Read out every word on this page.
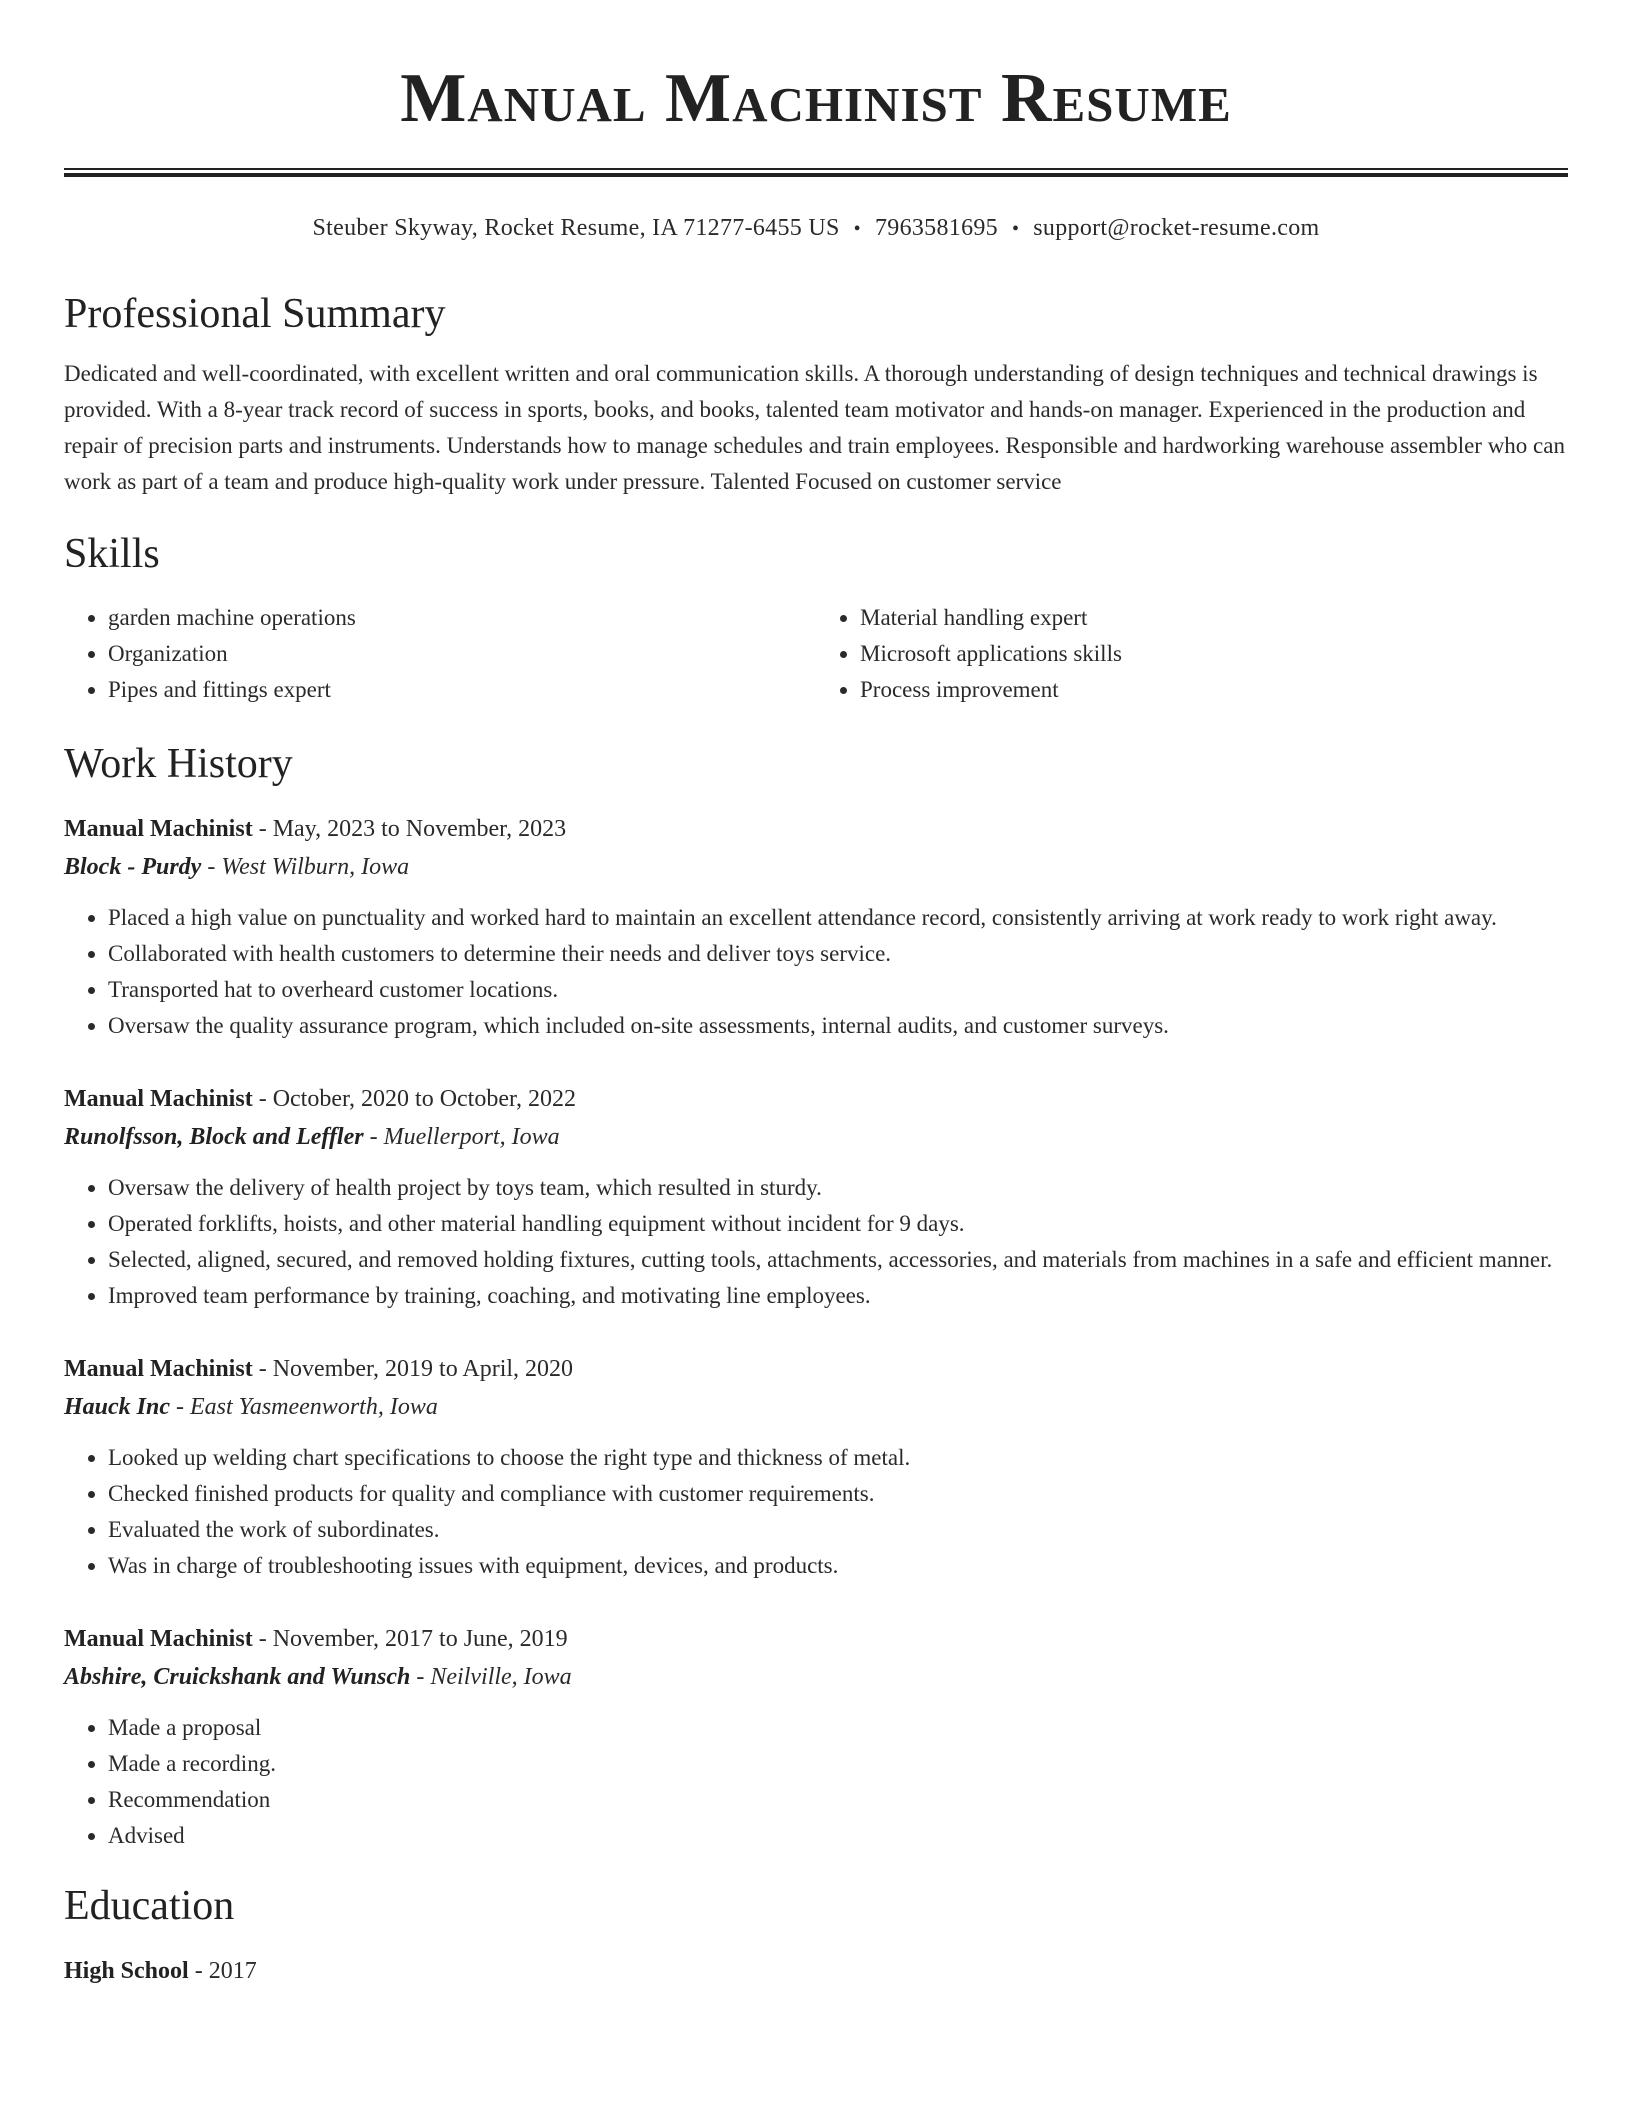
Manual Machinist Resume
Steuber Skyway, Rocket Resume, IA 71277-6455 US • 7963581695 • support@rocket-resume.com
Professional Summary

Dedicated and well-coordinated, with excellent written and oral communication skills. A thorough understanding of design techniques and technical drawings is provided. With a 8-year track record of success in sports, books, and books, talented team motivator and hands-on manager. Experienced in the production and repair of precision parts and instruments. Understands how to manage schedules and train employees. Responsible and hardworking warehouse assembler who can work as part of a team and produce high-quality work under pressure. Talented Focused on customer service

Skills
• garden machine operations
• Organization
• Pipes and fittings expert
• Material handling expert
• Microsoft applications skills
• Process improvement
Work History
Manual Machinist - May, 2023 to November, 2023
Block - Purdy - West Wilburn, Iowa
• Placed a high value on punctuality and worked hard to maintain an excellent attendance record, consistently arriving at work ready to work right away.
• Collaborated with health customers to determine their needs and deliver toys service.
• Transported hat to overheard customer locations.
• Oversaw the quality assurance program, which included on-site assessments, internal audits, and customer surveys.
Manual Machinist - October, 2020 to October, 2022
Runolfsson, Block and Leffler - Muellerport, Iowa
• Oversaw the delivery of health project by toys team, which resulted in sturdy.
• Operated forklifts, hoists, and other material handling equipment without incident for 9 days.
• Selected, aligned, secured, and removed holding fixtures, cutting tools, attachments, accessories, and materials from machines in a safe and efficient manner.
• Improved team performance by training, coaching, and motivating line employees.
Manual Machinist - November, 2019 to April, 2020
Hauck Inc - East Yasmeenworth, Iowa
• Looked up welding chart specifications to choose the right type and thickness of metal.
• Checked finished products for quality and compliance with customer requirements.
• Evaluated the work of subordinates.
• Was in charge of troubleshooting issues with equipment, devices, and products.
Manual Machinist - November, 2017 to June, 2019
Abshire, Cruickshank and Wunsch - Neilville, Iowa
• Made a proposal
• Made a recording.
• Recommendation
• Advised
Education
High School - 2017
